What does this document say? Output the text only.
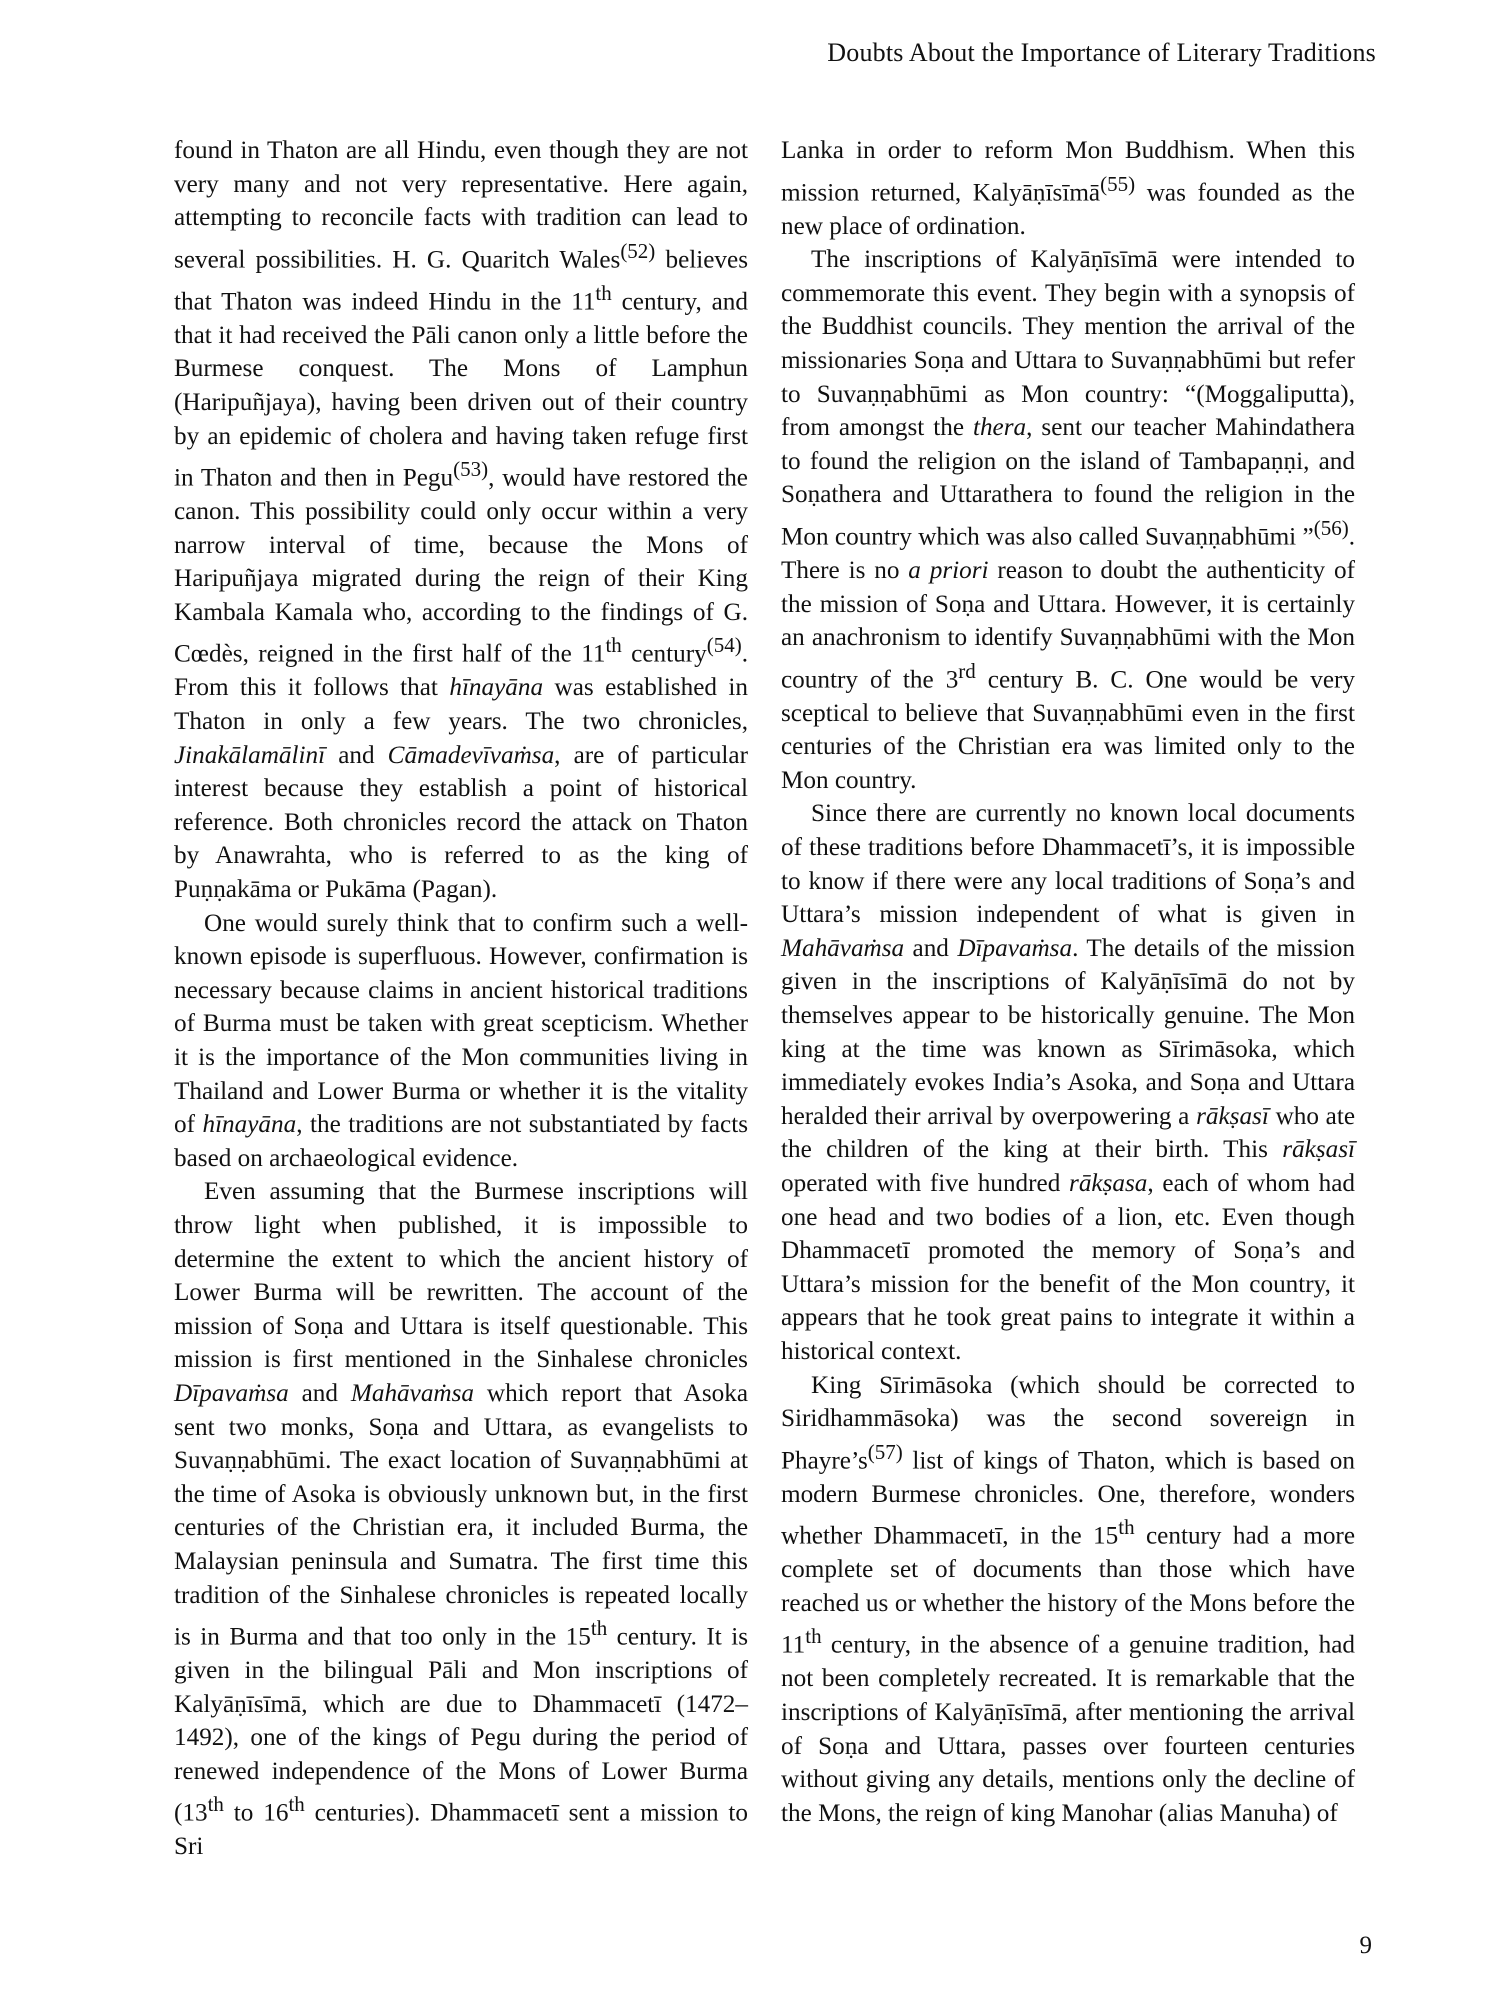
Doubts About the Importance of Literary Traditions

found in Thaton are all Hindu, even though they are not very many and not very representative. Here again, attempting to reconcile facts with tradition can lead to several possibilities. H. G. Quaritch Wales$^{(52)}$ believes that Thaton was indeed Hindu in the 11th century, and that it had received the Pāli canon only a little before the Burmese conquest. The Mons of Lamphun (Haripuñjaya), having been driven out of their country by an epidemic of cholera and having taken refuge first in Thaton and then in Pegu$^{(53)}$, would have restored the canon. This possibility could only occur within a very narrow interval of time, because the Mons of Haripuñjaya migrated during the reign of their King Kambala Kamala who, according to the findings of G. Cœdès, reigned in the first half of the 11th century$^{(54)}$. From this it follows that hīnayāna was established in Thaton in only a few years. The two chronicles, Jinakālamālinī and Cāmadevīvaṁsa, are of particular interest because they establish a point of historical reference. Both chronicles record the attack on Thaton by Anawrahta, who is referred to as the king of Puṇṇakāma or Pukāma (Pagan).

One would surely think that to confirm such a well-known episode is superfluous. However, confirmation is necessary because claims in ancient historical traditions of Burma must be taken with great scepticism. Whether it is the importance of the Mon communities living in Thailand and Lower Burma or whether it is the vitality of hīnayāna, the traditions are not substantiated by facts based on archaeological evidence.

Even assuming that the Burmese inscriptions will throw light when published, it is impossible to determine the extent to which the ancient history of Lower Burma will be rewritten. The account of the mission of Soṇa and Uttara is itself questionable. This mission is first mentioned in the Sinhalese chronicles Dīpavaṁsa and Mahāvaṁsa which report that Asoka sent two monks, Soṇa and Uttara, as evangelists to Suvaṇṇabhūmi. The exact location of Suvaṇṇabhūmi at the time of Asoka is obviously unknown but, in the first centuries of the Christian era, it included Burma, the Malaysian peninsula and Sumatra. The first time this tradition of the Sinhalese chronicles is repeated locally is in Burma and that too only in the 15th century. It is given in the bilingual Pāli and Mon inscriptions of Kalyāṇīsīmā, which are due to Dhammacetī (1472–1492), one of the kings of Pegu during the period of renewed independence of the Mons of Lower Burma (13th to 16th centuries). Dhammacetī sent a mission to Sri

Lanka in order to reform Mon Buddhism. When this mission returned, Kalyāṇīsīmā$^{(55)}$ was founded as the new place of ordination.

The inscriptions of Kalyāṇīsīmā were intended to commemorate this event. They begin with a synopsis of the Buddhist councils. They mention the arrival of the missionaries Soṇa and Uttara to Suvaṇṇabhūmi but refer to Suvaṇṇabhūmi as Mon country: “(Moggaliputta), from amongst the thera, sent our teacher Mahindathera to found the religion on the island of Tambapaṇṇi, and Soṇathera and Uttarathera to found the religion in the Mon country which was also called Suvaṇṇabhūmi ”$^{(56)}$. There is no a priori reason to doubt the authenticity of the mission of Soṇa and Uttara. However, it is certainly an anachronism to identify Suvaṇṇabhūmi with the Mon country of the 3rd century B. C. One would be very sceptical to believe that Suvaṇṇabhūmi even in the first centuries of the Christian era was limited only to the Mon country.

Since there are currently no known local documents of these traditions before Dhammacetī’s, it is impossible to know if there were any local traditions of Soṇa’s and Uttara’s mission independent of what is given in Mahāvaṁsa and Dīpavaṁsa. The details of the mission given in the inscriptions of Kalyāṇīsīmā do not by themselves appear to be historically genuine. The Mon king at the time was known as Sīrimāsoka, which immediately evokes India’s Asoka, and Soṇa and Uttara heralded their arrival by overpowering a rākṣasī who ate the children of the king at their birth. This rākṣasī operated with five hundred rākṣasa, each of whom had one head and two bodies of a lion, etc. Even though Dhammacetī promoted the memory of Soṇa’s and Uttara’s mission for the benefit of the Mon country, it appears that he took great pains to integrate it within a historical context.

King Sīrimāsoka (which should be corrected to Siridhammāsoka) was the second sovereign in $Phayre’s^{(57)}$ list of kings of Thaton, which is based on modern Burmese chronicles. One, therefore, wonders whether Dhammacetī, in the 15th century had a more complete set of documents than those which have reached us or whether the history of the Mons before the 11th century, in the absence of a genuine tradition, had not been completely recreated. It is remarkable that the inscriptions of Kalyāṇīsīmā, after mentioning the arrival of Soṇa and Uttara, passes over fourteen centuries without giving any details, mentions only the decline of the Mons, the reign of king Manohar (alias Manuha) of

9
